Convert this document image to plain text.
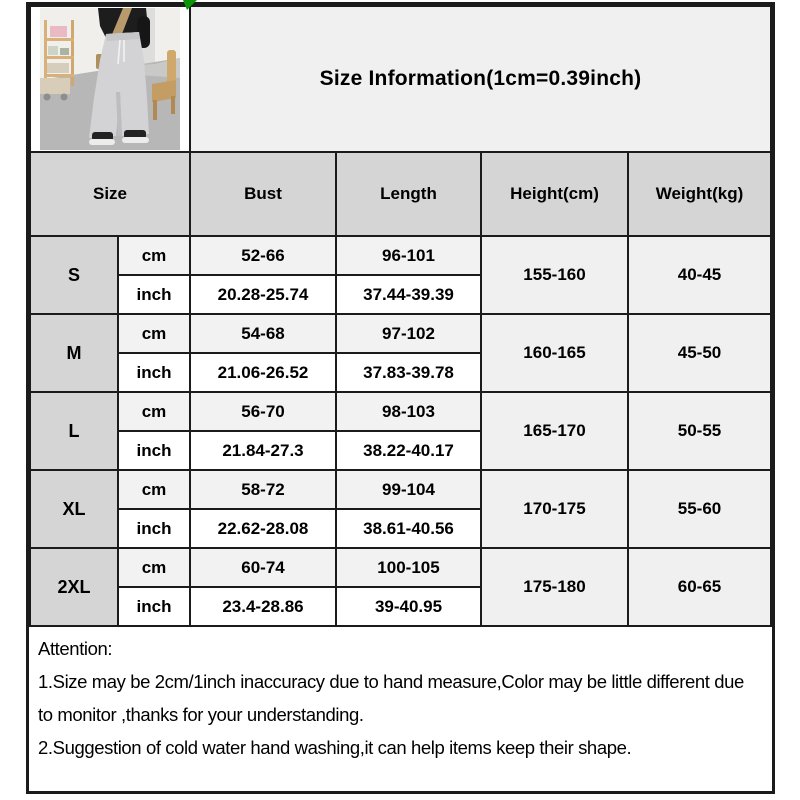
	Size Information(1cm=0.39inch)			
Size		Bust	Length	Height(cm)	Weight(kg)
S	cm	52-66	96-101	155-160	40-45
	inch	20.28-25.74	37.44-39.39		
M	cm	54-68	97-102	160-165	45-50
	inch	21.06-26.52	37.83-39.78		
L	cm	56-70	98-103	165-170	50-55
	inch	21.84-27.3	38.22-40.17		
XL	cm	58-72	99-104	170-175	55-60
	inch	22.62-28.08	38.61-40.56		
2XL	cm	60-74	100-105	175-180	60-65
	inch	23.4-28.86	39-40.95		
Attention:
1.Size may be 2cm/1inch inaccuracy due to hand measure,Color may be little different due to monitor ,thanks for your understanding.
2.Suggestion of cold water hand washing,it can help items keep their shape.
